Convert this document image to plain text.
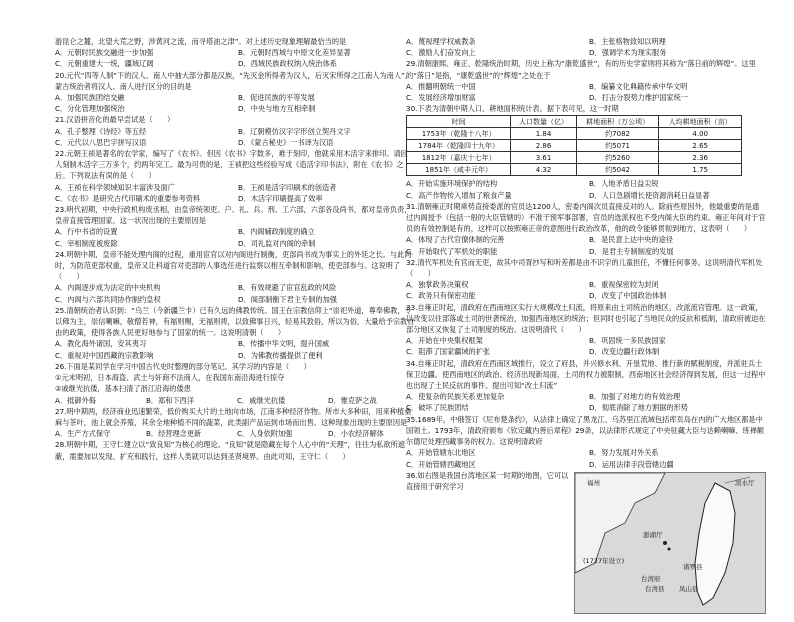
游昆仑之麓，北望大荒之野，涉黄河之流，而寻塔油之津”。对上述历史现象理解最恰当的是

A．元朝时民族交融进一步加强	B．元朝时西域与中原文化差异显著
C．元朝重建大一统，疆域辽阔	D．西域民族政权纳入统治体系

20.元代“四等人制”下的汉人、南人中抽大部分都是汉族，“先灭金所得者为汉人，后灭宋所得之江南人为南人”。蒙古统治者将汉人、南人进行区分的目的是

A．加强民族团结交融	B．促进民族的平等发展
C．分化管理加强统治	D．中央与地方互相牵制

21.汉语拼音化的最早尝试是（　　）

A．孔子整理《诗经》等五经	B．辽朝模仿汉字字形创立契丹文字
C．元代以八思巴字拼写汉语	D．《蒙古秘史》一书译为汉语

22.元朝王祯是著名的农学家，编写了《农书》。但因《农书》字数多，难于刻印，他就采用木活字来排印。请匠人刻制木活字三万多个，约两年完工。最为可贵的是，王祯把这些经验写成《造活字印书法》，附在《农书》之后。下列说法有误的是（　　）

A．王祯在科学领域知识丰富涉及面广	B．王祯是活字印刷术的创造者
C．《农书》是研究古代印刷术的重要参考资料	D．木活字印刷提高了效率

23.明代初期，中央行政机构废丞相，由皇帝统领吏、户、礼、兵、刑、工六部，六部各设尚书，都对皇帝负责，皇帝直接管理国家。这一状况出现的主要原因是

A．行中书省的设置	B．内阁辅政制度的确立
C．宰相制度被废除	D．司礼监对内阁的牵制

24.明朝中期，皇帝不能处理内阁的过程，重用宦官以对内阁进行制衡，吏部尚书成为事实上的外廷之长。与此同时，为防范吏部权重，皇帝又让科道官对吏部的人事选任进行监察以相互牵制和影响，使吏部参与。这说明了（　　）

A．内阁逐步成为法定的中央机构	B．有效规避了宦官乱政的风险
C．内阁与六部共同协作制约皇权	D．阁部制衡下君主专制的加强

25.清朝统治者认识到：“乌兰（今新疆兰卡）已有久远的佛教传统。国王在宗教信仰上“崇祀外道，尊奉佛教，专以佛为主，崇信喇嘛，敬僧若神，有福则赐，无福则祷，以致佛事日兴，轻易其敦俗，所以为俗，大量给予宗教自由的政策，使得各族人民更好地参与了国家的统一。这说明清朝（　　）

A．教化海外诸国，安其夷习	B．传播中华文明，提升国威
C．重视对中国西藏的宗教影响	D．为佛教传播提供了便利

26.下面是某同学在学习中国古代史时整理的部分笔记。其学习的内容是（　　）

①元末明初，日本海盗、武士与奸商不法商人，在我国东南沿海进行掠夺

②戚继光抗倭，基本扫清了浙江沿海的倭患

A．抵御外侮	B．郑和下西洋	C．戚继光抗倭	D．雅克萨之战

27.明中期两，经济商业迅速繁荣，低价购买大片的土地向市场，江南多种经济作物。所市大多种田，用来种植桑麻与茶叶，池上就会养殖，其余全地种植不同的蔬菜，此类副产品运到市场而出售。这种现象出现的主要原因是

A．生产方式保守	B．经营理念更新	C．人身依附加强	D．小农经济解体

28.明朝中期，王守仁建立以“致良知”为核心的理论。“良知”就是隐藏在每个人心中的“天理”，往往为私欲所遮蔽，需要加以发现、扩充和践行，这样人类就可以达到圣贤境界。由此可知，王守仁（　　）

A．蔑视理学权威教条	B．主张格物致知以明理
C．激励人们奋发向上	D．强调学术为现实服务

29.清朝康熙、雍正、乾隆统治时期，历史上称为“康乾盛世”，有的历史学家则将其称为“落日前的辉煌”。这里的“落日”是指，“康乾盛世”的“辉煌”之处在于

A．推翻明朝统一中国	B．编纂文化典籍传承中华文明
C．发展经济增加财富	D．打击分裂势力维护国家统一

30.下表为清朝中期人口、耕地面积统计表。据下表可见，这一时期

时间	人口数量（亿）	耕地面积（万公顷）	人均耕地面积（亩）
1753年（乾隆十八年）	1.84	约7082	4.00
1784年（乾隆四十九年）	2.86	约5071	2.65
1812年（嘉庆十七年）	3.61	约5260	2.36
1851年（咸丰元年）	4.32	约5042	1.75
A．开始实施环境保护的结构	B．人地矛盾日益尖锐
C．高产作物传入增加了粮食产量	D．人口急剧增长使资源消耗日益显著

31.清朝雍正时期乘势直接委派的官员达1200人，密委内阁次员直接反对的人。除前些原因外，他最重要的是通过内阁授予（包括一般的大臣管辖的）不准干预军事部署，官员的选派权也不受内阁大臣的约束。雍正年间对于官员的有效控制是有的，这样可以按照雍正帝的意图进行政治改革，他的政令能够贯彻到地方，这表明（　　）

A．体现了古代官僚体制的完善	B．是民意上达中央的途径
C．开始取代了军机处的职能	D．是君主专制制度的发展

32.清代军机处有官而无吏，故其中司胥抄写和听差都是由不识字的儿童担任，不懂任何事务。这说明清代军机处（　　）

A．独掌政务决策权	B．重视保密较为封闭
C．政务只有保密功能	D．改变了中国政治体制

33.自雍正时起，清政府在西南地区实行大规模改土归流，将原来由土司统治的地区，改派流官管理。这一政策，以改变以往部落或土司的世袭统治，加强西南地区的统治；但同时也引起了当地民众的反抗和抵制，清政府被迫在部分地区又恢复了土司制度的统治。这说明清代（　　）

A．开始在中央集权框架	B．巩固统一多民族国家
C．阻滞了国家疆域的扩张	D．改变边疆行政体制

34.自雍正时起，清政府在西南区域推行，设立了府县，并兴修水利、开垦荒地、推行新的赋税制度，并派驻兵士保卫边疆。使西南地区的政治、经济出现新局面，土司的权力被限制，西南地区社会经济得到发展，但这一过程中也出现了土民反抗的事件。提出可知“改土归流”

A．使复杂的民族关系更加复杂	B．加强了对地方的有效治理
C．破坏了民族团结	D．彻底消除了地方割据的形势

35.1689年，中俄签订《尼布楚条约》，从法律上确定了黑龙江、乌苏里江流域包括库页岛在内的广大地区都是中国领土。1793年，清政府颁布《钦定藏内善后章程》29条，以法律形式规定了中央驻藏大臣与达赖喇嘛、班禅额尔德尼处理西藏事务的权力。这说明清政府

A．开始管辖东北地区	B．努力发展对外关系
C．开始管辖西藏地区	D．运用法律手段管辖边疆
福州
澎湖厅
(1727年设立)
台湾府
台湾县
诸罗县
凤山县
淡水厅

36.如右图是我国台湾地区某一时期的地图，它可以直接用于研究学习
